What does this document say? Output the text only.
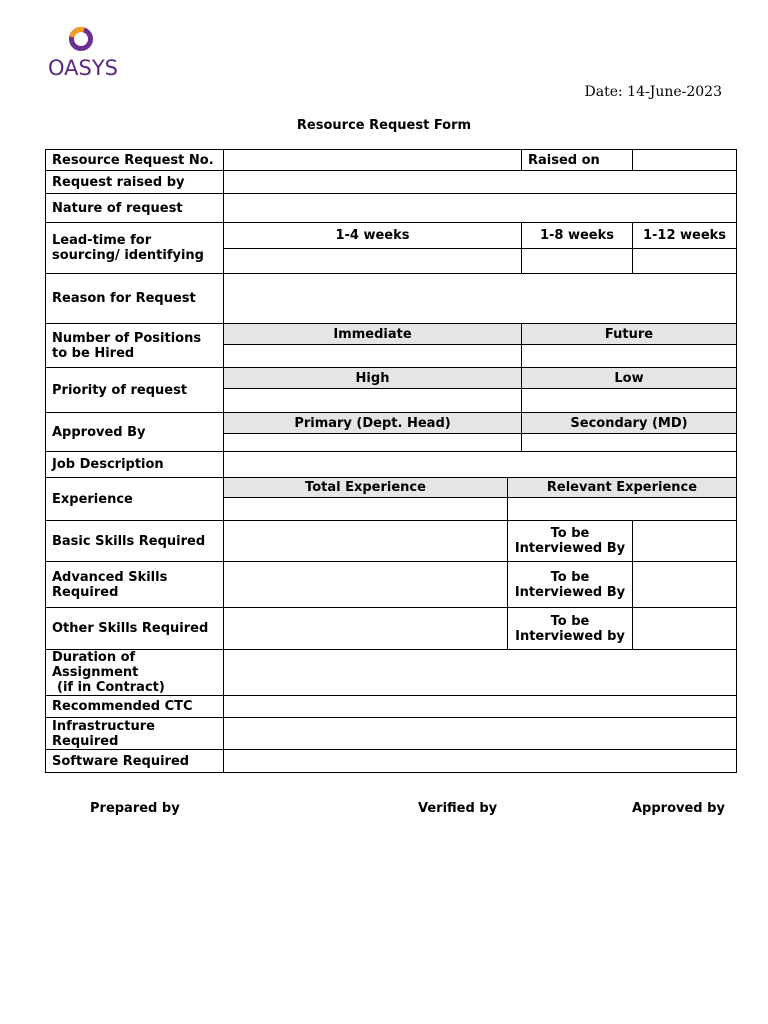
OASYS
Date: 14-June-2023
Resource Request Form
Resource Request No.			Raised on	
Request raised by				
Nature of request				
Lead-time for sourcing/ identifying	1-4 weeks		1-8 weeks	1-12 weeks

Reason for Request				
Number of Positions to be Hired	Immediate		Future	

Priority of request	High		Low	

Approved By	Primary (Dept. Head)		Secondary (MD)	

Job Description				
Experience	Total Experience	Relevant Experience		

Basic Skills Required		To be Interviewed By		
Advanced Skills Required		To be Interviewed By		
Other Skills Required		To be Interviewed by		

Duration of Assignment
(if in Contract)				

Recommended CTC				
Infrastructure Required				
Software Required				
Prepared by	Verified by	Approved by
